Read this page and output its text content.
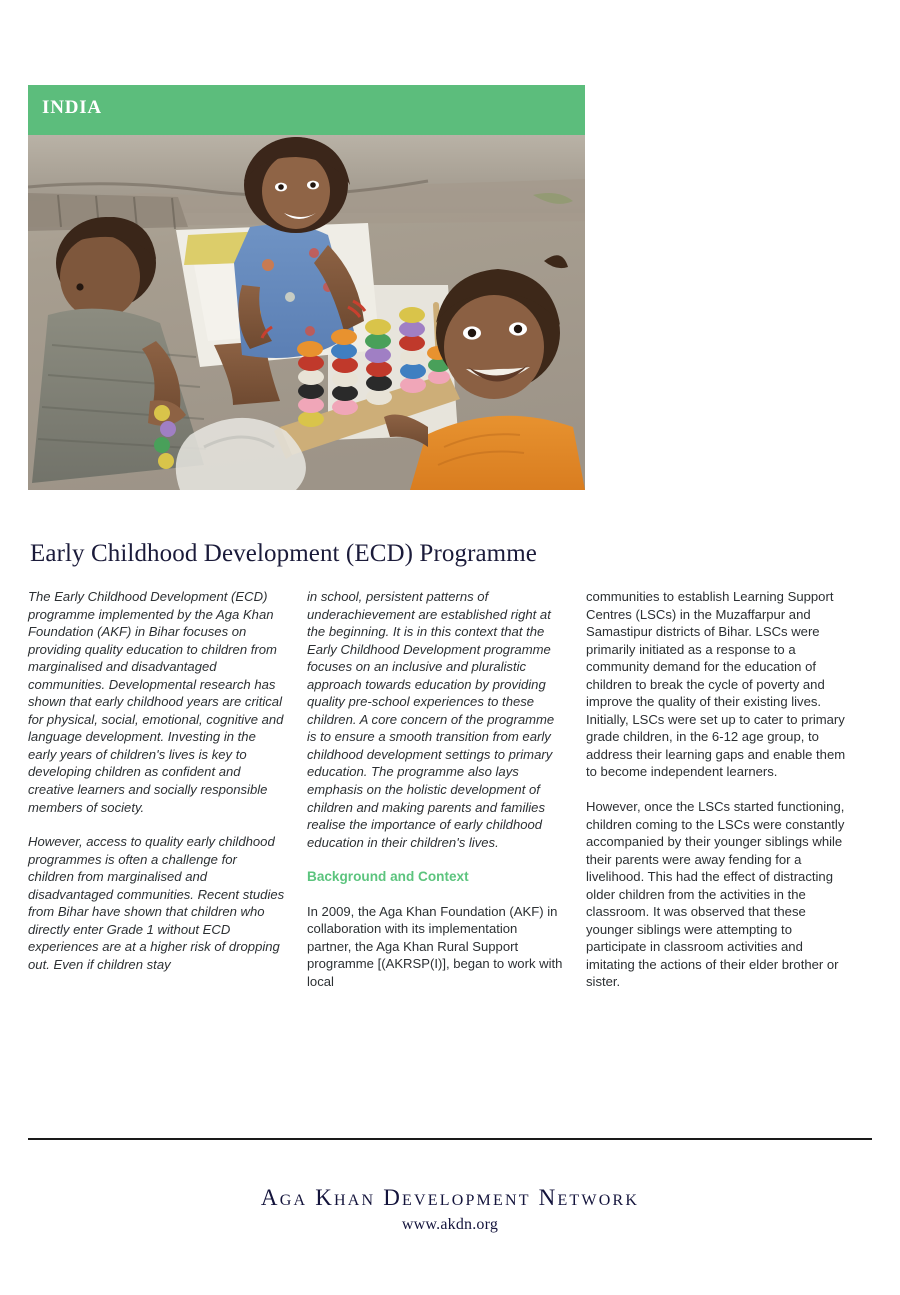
INDIA
Early Childhood Development (ECD) Programme

The Early Childhood Development (ECD) programme implemented by the Aga Khan Foundation (AKF) in Bihar focuses on providing quality education to children from marginalised and disadvantaged communities. Developmental research has shown that early childhood years are critical for physical, social, emotional, cognitive and language development. Investing in the early years of children's lives is key to developing children as confident and creative learners and socially responsible members of society.

However, access to quality early childhood programmes is often a challenge for children from marginalised and disadvantaged communities. Recent studies from Bihar have shown that children who directly enter Grade 1 without ECD experiences are at a higher risk of dropping out. Even if children stay

in school, persistent patterns of underachievement are established right at the beginning. It is in this context that the Early Childhood Development programme focuses on an inclusive and pluralistic approach towards education by providing quality pre-school experiences to these children. A core concern of the programme is to ensure a smooth transition from early childhood development settings to primary education. The programme also lays emphasis on the holistic development of children and making parents and families realise the importance of early childhood education in their children's lives.

Background and Context

In 2009, the Aga Khan Foundation (AKF) in collaboration with its implementation partner, the Aga Khan Rural Support programme [(AKRSP(I)], began to work with local

communities to establish Learning Support Centres (LSCs) in the Muzaffarpur and Samastipur districts of Bihar. LSCs were primarily initiated as a response to a community demand for the education of children to break the cycle of poverty and improve the quality of their existing lives. Initially, LSCs were set up to cater to primary grade children, in the 6-12 age group, to address their learning gaps and enable them to become independent learners.

However, once the LSCs started functioning, children coming to the LSCs were constantly accompanied by their younger siblings while their parents were away fending for a livelihood. This had the effect of distracting older children from the activities in the classroom. It was observed that these younger siblings were attempting to participate in classroom activities and imitating the actions of their elder brother or sister.

Aga Khan Development Network
www.akdn.org
